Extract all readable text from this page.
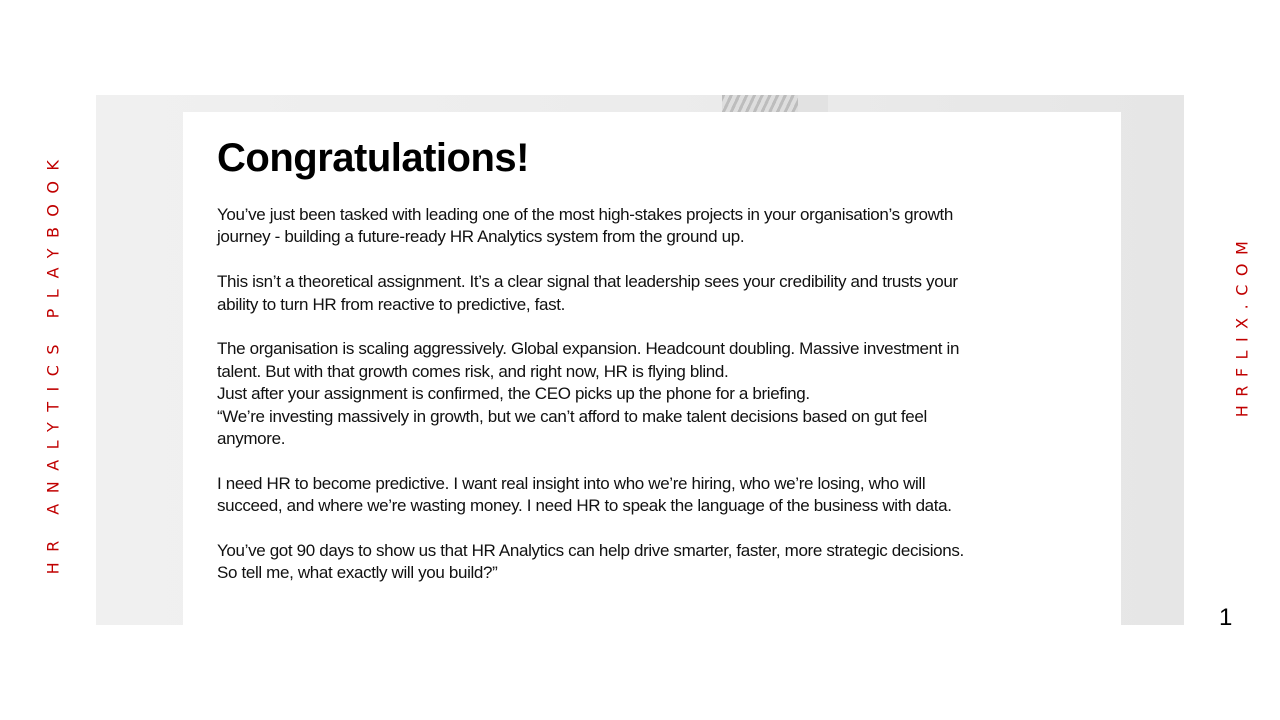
HR ANALYTICS PLAYBOOK	HRFLIX.COM
Congratulations!

You’ve just been tasked with leading one of the most high-stakes projects in your organisation’s growth
journey - building a future-ready HR Analytics system from the ground up.

This isn’t a theoretical assignment. It’s a clear signal that leadership sees your credibility and trusts your
ability to turn HR from reactive to predictive, fast.

The organisation is scaling aggressively. Global expansion. Headcount doubling. Massive investment in
talent. But with that growth comes risk, and right now, HR is flying blind.
Just after your assignment is confirmed, the CEO picks up the phone for a briefing.
“We’re investing massively in growth, but we can’t afford to make talent decisions based on gut feel
anymore.

I need HR to become predictive. I want real insight into who we’re hiring, who we’re losing, who will
succeed, and where we’re wasting money. I need HR to speak the language of the business with data.

You’ve got 90 days to show us that HR Analytics can help drive smarter, faster, more strategic decisions.
So tell me, what exactly will you build?”

1
